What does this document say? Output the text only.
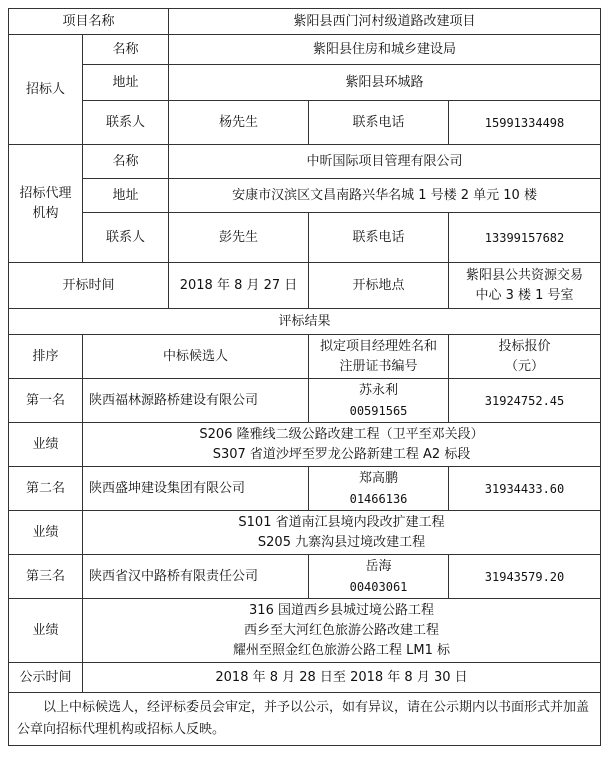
项目名称		紫阳县西门河村级道路改建项目		
招标人	名称	紫阳县住房和城乡建设局		
	地址	紫阳县环城路		
	联系人	杨先生	联系电话	15991334498

招标代理
机构	名称	中昕国际项目管理有限公司		
	地址	安康市汉滨区文昌南路兴华名城 1 号楼 2 单元 10 楼		
	联系人	彭先生	联系电话	13399157682
开标时间		2018 年 8 月 27 日	开标地点	紫阳县公共资源交易
中心 3 楼 1 号室

评标结果				
排序	中标候选人		拟定项目经理姓名和
注册证书编号	投标报价
（元）

第一名	陕西福林源路桥建设有限公司		苏永利
00591565	31924752.45
业绩	S206 隆雅线二级公路改建工程（卫平至邓关段）
S307 省道沙坪至罗龙公路新建工程 A2 标段			

第二名	陕西盛坤建设集团有限公司		郑高鹏
01466136	31934433.60
业绩	S101 省道南江县境内段改扩建工程
S205 九寨沟县过境改建工程			

第三名	陕西省汉中路桥有限责任公司		岳海
00403061	31943579.20
业绩	316 国道西乡县城过境公路工程
西乡至大河红色旅游公路改建工程
耀州至照金红色旅游公路工程 LM1 标			

公示时间	2018 年 8 月 28 日至 2018 年 8 月 30 日			
以上中标候选人，经评标委员会审定，并予以公示，如有异议，请在公示期内以书面形式并加盖公章向招标代理机构或招标人反映。				
